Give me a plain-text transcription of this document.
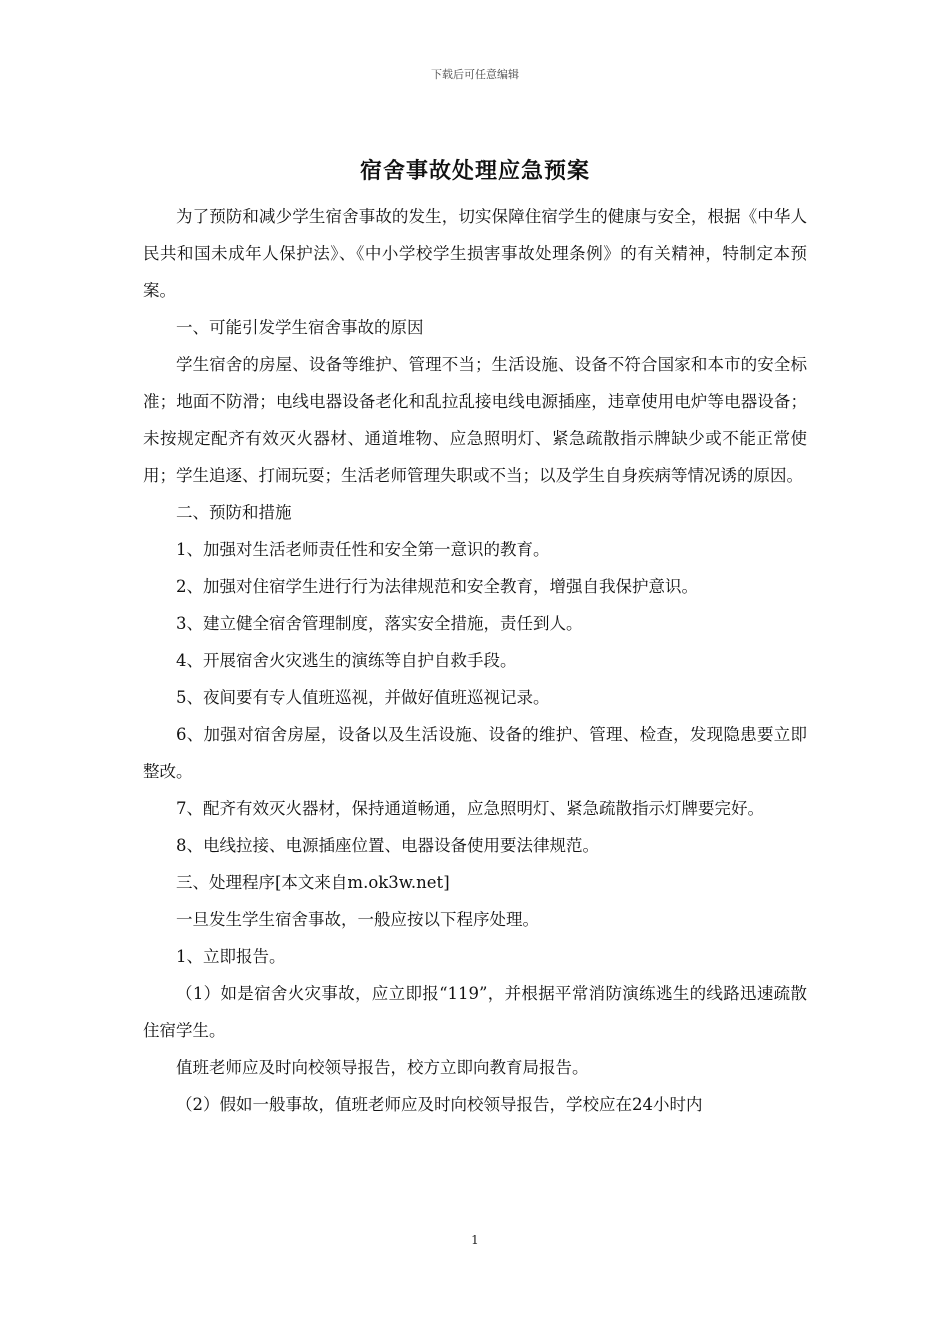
下载后可任意编辑
宿舍事故处理应急预案

为了预防和减少学生宿舍事故的发生，切实保障住宿学生的健康与安全，根据《中华人民共和国未成年人保护法》、《中小学校学生损害事故处理条例》的有关精神，特制定本预案。

一、可能引发学生宿舍事故的原因

学生宿舍的房屋、设备等维护、管理不当；生活设施、设备不符合国家和本市的安全标准；地面不防滑；电线电器设备老化和乱拉乱接电线电源插座，违章使用电炉等电器设备；未按规定配齐有效灭火器材、通道堆物、应急照明灯、紧急疏散指示牌缺少或不能正常使用；学生追逐、打闹玩耍；生活老师管理失职或不当；以及学生自身疾病等情况诱的原因。

二、预防和措施

1、加强对生活老师责任性和安全第一意识的教育。

2、加强对住宿学生进行行为法律规范和安全教育，增强自我保护意识。

3、建立健全宿舍管理制度，落实安全措施，责任到人。

4、开展宿舍火灾逃生的演练等自护自救手段。

5、夜间要有专人值班巡视，并做好值班巡视记录。

6、加强对宿舍房屋，设备以及生活设施、设备的维护、管理、检查，发现隐患要立即整改。

7、配齐有效灭火器材，保持通道畅通，应急照明灯、紧急疏散指示灯牌要完好。

8、电线拉接、电源插座位置、电器设备使用要法律规范。

三、处理程序[本文来自m.ok3w.net]

一旦发生学生宿舍事故，一般应按以下程序处理。

1、立即报告。

（1）如是宿舍火灾事故，应立即报“119”，并根据平常消防演练逃生的线路迅速疏散住宿学生。

值班老师应及时向校领导报告，校方立即向教育局报告。

（2）假如一般事故，值班老师应及时向校领导报告，学校应在24小时内

1
